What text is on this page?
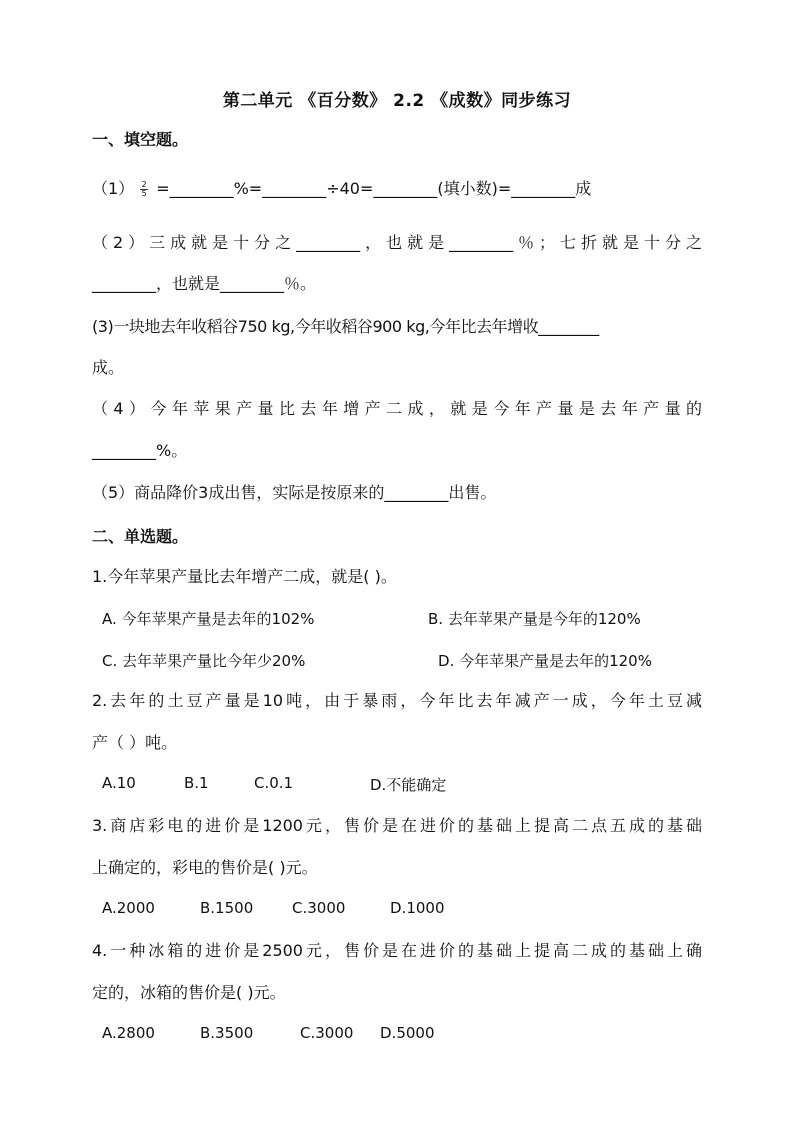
第二单元 《百分数》 2.2 《成数》同步练习
一、填空题。
$(1) \frac{2}{5}$ =________%=________÷40=________(填小数)=________成
（2）三成就是十分之________，也就是________％；七折就是十分之
________，也就是________％。
(3)一块地去年收稻谷750 kg,今年收稻谷900 kg,今年比去年增收________
成。
（4）今年苹果产量比去年增产二成，就是今年产量是去年产量的
________%。
（5）商品降价3成出售，实际是按原来的________出售。
二、单选题。
1.今年苹果产量比去年增产二成，就是( )。
A. 今年苹果产量是去年的102%	B. 去年苹果产量是今年的120%
C. 去年苹果产量比今年少20%	D. 今年苹果产量是去年的120%
2.去年的土豆产量是10吨，由于暴雨，今年比去年减产一成，今年土豆减
产（ ）吨。
A.10	B.1	C.0.1	D.不能确定
3.商店彩电的进价是1200元，售价是在进价的基础上提高二点五成的基础
上确定的，彩电的售价是( )元。
A.2000	B.1500	C.3000	D.1000
4.一种冰箱的进价是2500元，售价是在进价的基础上提高二成的基础上确
定的，冰箱的售价是( )元。
A.2800	B.3500	C.3000 D.5000
